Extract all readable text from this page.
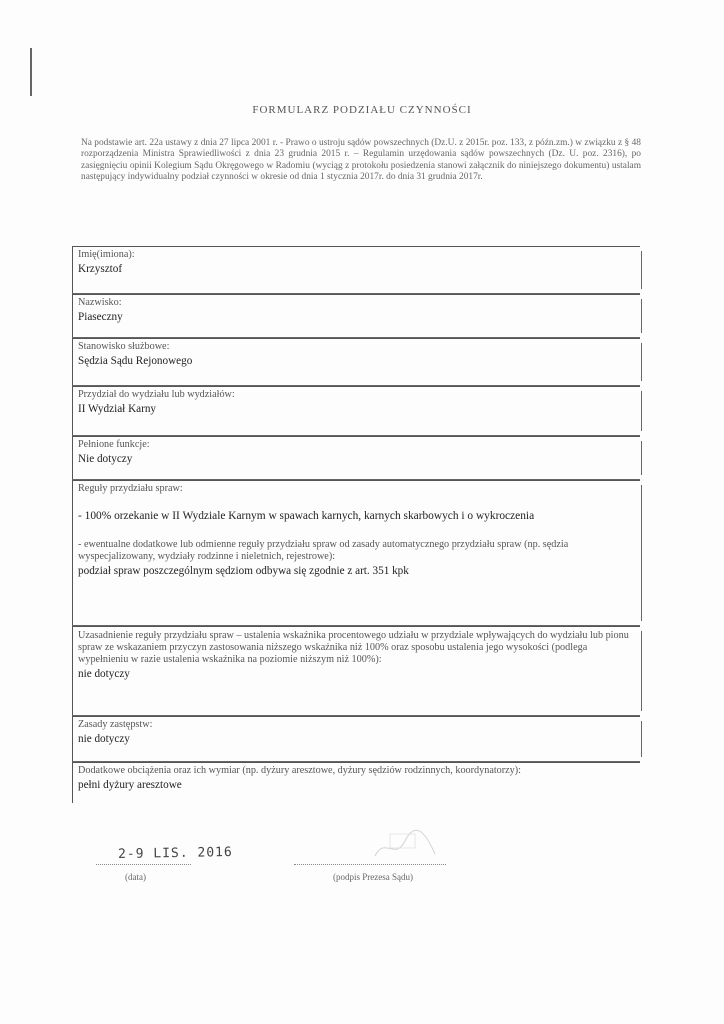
FORMULARZ PODZIAŁU CZYNNOŚCI
Na podstawie art. 22a ustawy z dnia 27 lipca 2001 r. - Prawo o ustroju sądów powszechnych (Dz.U. z 2015r. poz. 133, z późn.zm.) w związku z § 48 rozporządzenia Ministra Sprawiedliwości z dnia 23 grudnia 2015 r. – Regulamin urzędowania sądów powszechnych (Dz. U. poz. 2316), po zasięgnięciu opinii Kolegium Sądu Okręgowego w Radomiu (wyciąg z protokołu posiedzenia stanowi załącznik do niniejszego dokumentu) ustalam następujący indywidualny podział czynności w okresie od dnia 1 stycznia 2017r. do dnia 31 grudnia 2017r.
Imię(imiona):
Krzysztof
Nazwisko:
Piaseczny
Stanowisko służbowe:
Sędzia Sądu Rejonowego
Przydział do wydziału lub wydziałów:
II Wydział Karny
Pełnione funkcje:
Nie dotyczy
Reguły przydziału spraw:
- 100% orzekanie w II Wydziale Karnym w spawach karnych, karnych skarbowych i o wykroczenia
- ewentualne dodatkowe lub odmienne reguły przydziału spraw od zasady automatycznego przydziału spraw (np. sędzia wyspecjalizowany, wydziały rodzinne i nieletnich, rejestrowe):
podział spraw poszczególnym sędziom odbywa się zgodnie z art. 351 kpk
Uzasadnienie reguły przydziału spraw – ustalenia wskaźnika procentowego udziału w przydziale wpływających do wydziału lub pionu spraw ze wskazaniem przyczyn zastosowania niższego wskaźnika niż 100% oraz sposobu ustalenia jego wysokości (podlega wypełnieniu w razie ustalenia wskaźnika na poziomie niższym niż 100%):
nie dotyczy
Zasady zastępstw:
nie dotyczy
Dodatkowe obciążenia oraz ich wymiar (np. dyżury aresztowe, dyżury sędziów rodzinnych, koordynatorzy):
pełni dyżury aresztowe
2-9 LIS. 2016
(data)	(podpis Prezesa Sądu)
